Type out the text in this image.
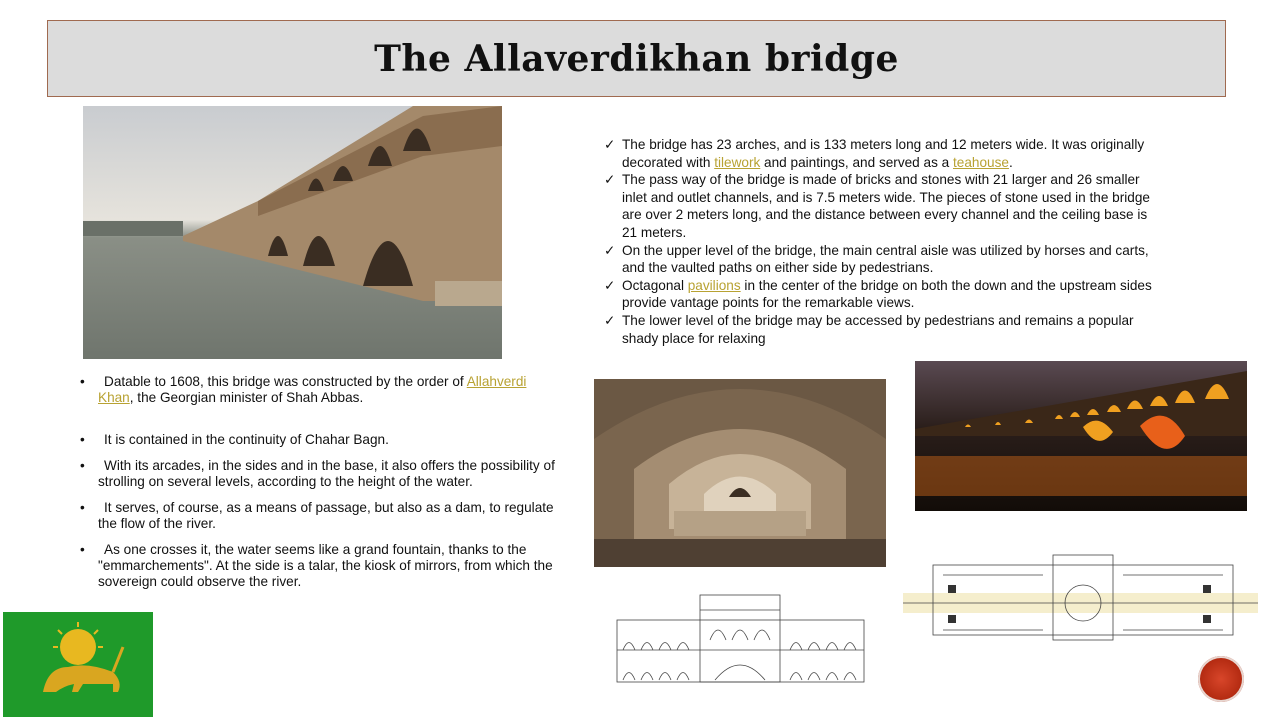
The Allaverdikhan bridge
•	Datable to 1608, this bridge was constructed by the order of Allahverdi Khan, the Georgian minister of Shah Abbas.
•	It is contained in the continuity of Chahar Bagn.
•	With its arcades, in the sides and in the base, it also offers the possibility of strolling on several levels, according to the height of the water.
•	It serves, of course, as a means of passage, but also as a dam, to regulate the flow of the river.
•	As one crosses it, the water seems like a grand fountain, thanks to the "emmarchements". At the side is a talar, the kiosk of mirrors, from which the sovereign could observe the river.
✓ The bridge has 23 arches, and is 133 meters long and 12 meters wide. It was originally decorated with tilework and paintings, and served as a teahouse.
✓ The pass way of the bridge is made of bricks and stones with 21 larger and 26 smaller inlet and outlet channels, and is 7.5 meters wide. The pieces of stone used in the bridge are over 2 meters long, and the distance between every channel and the ceiling base is 21 meters.
✓ On the upper level of the bridge, the main central aisle was utilized by horses and carts, and the vaulted paths on either side by pedestrians.
✓ Octagonal pavilions in the center of the bridge on both the down and the upstream sides provide vantage points for the remarkable views.
✓ The lower level of the bridge may be accessed by pedestrians and remains a popular shady place for relaxing
